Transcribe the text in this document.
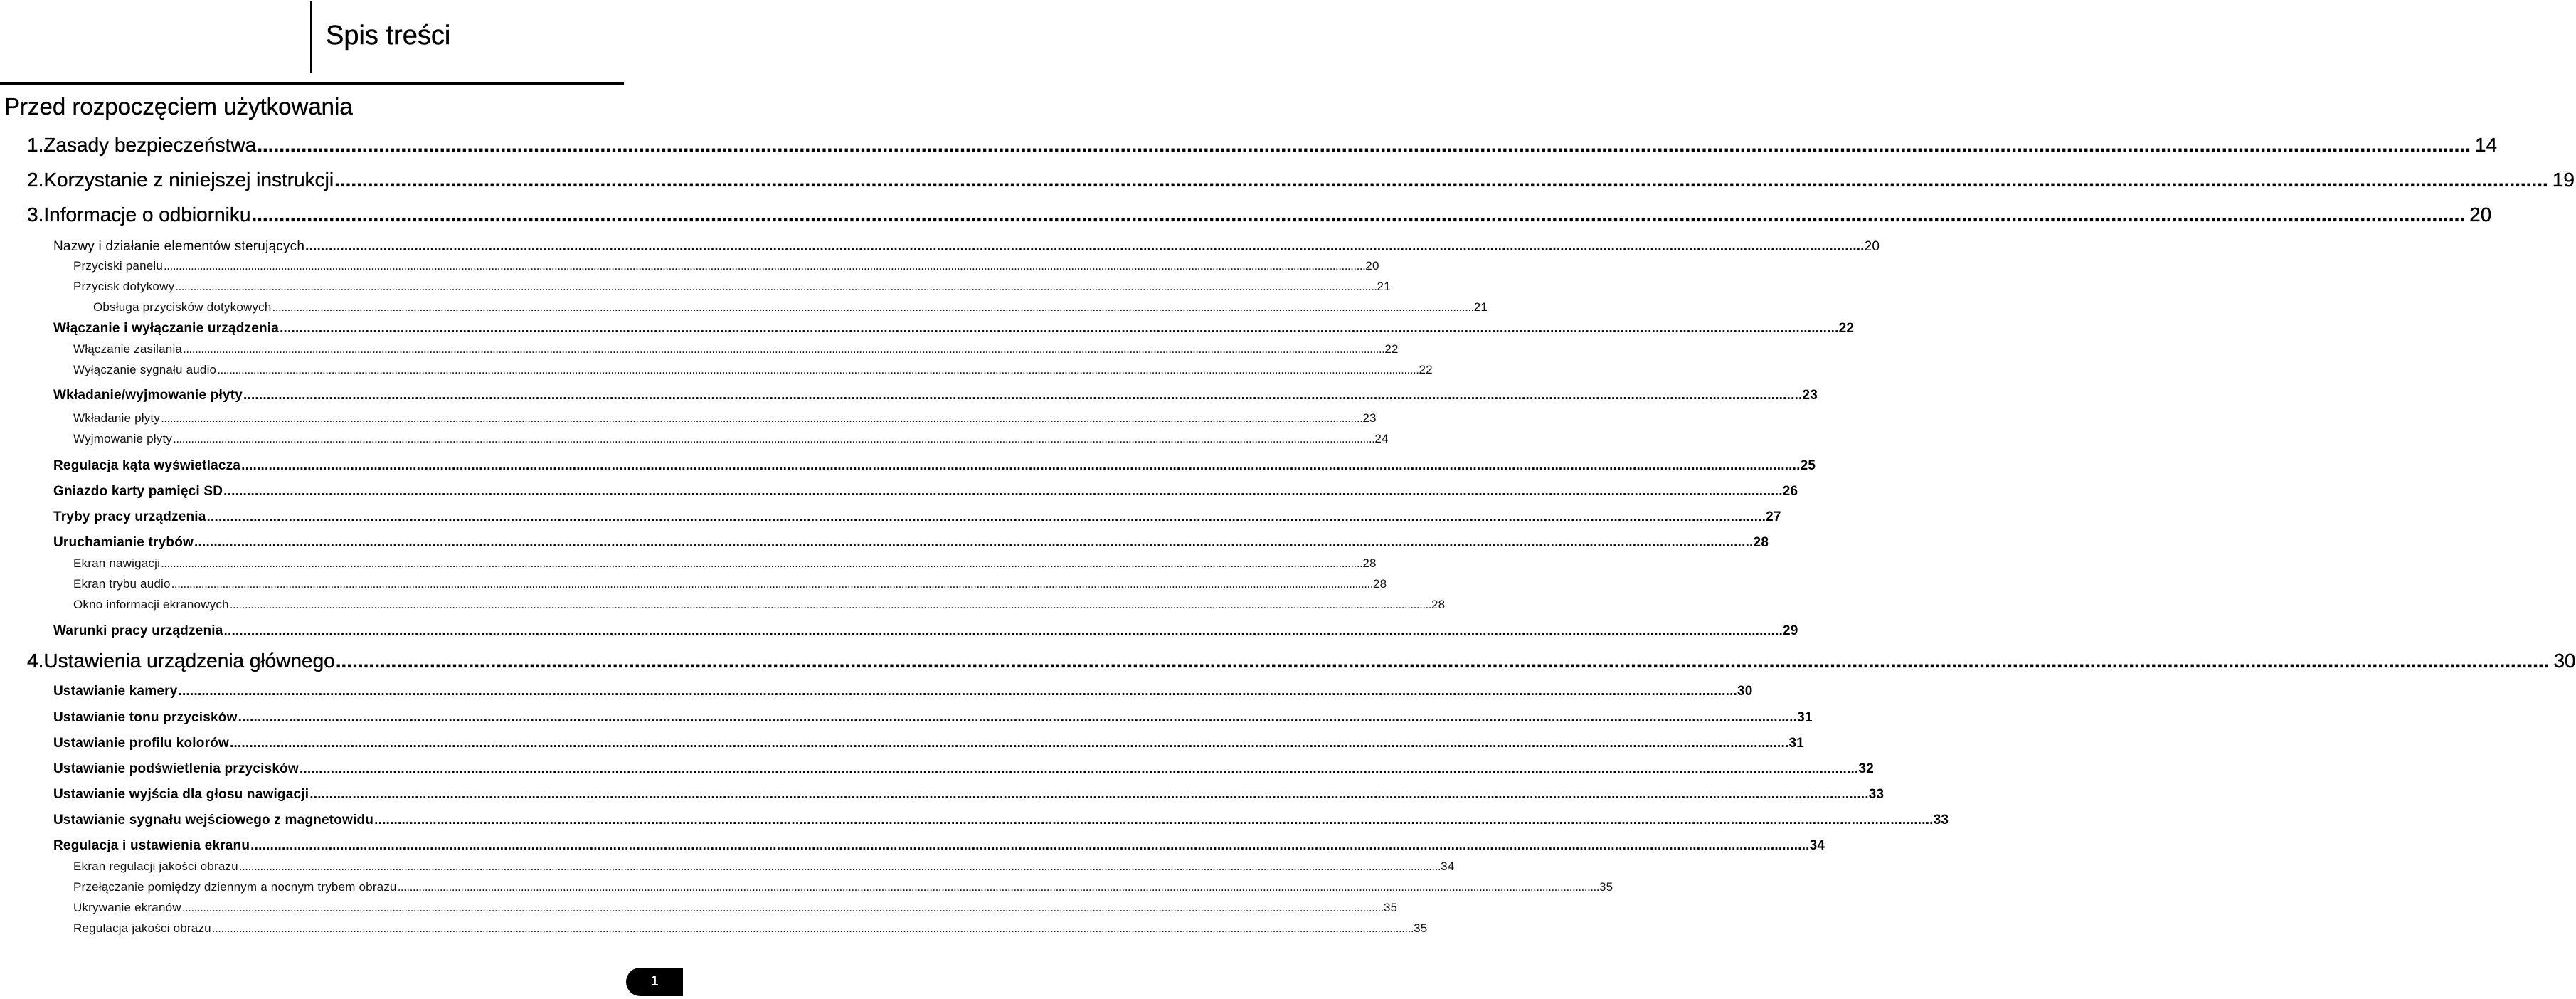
Spis treści
Przed rozpoczęciem użytkowania
1. Zasady bezpieczeństwa ................................................................................................................................................................................................................................................................................................................................................................................................................ 14
2. Korzystanie z niniejszej instrukcji ................................................................................................................................................................................................................................................................................................................................................................................................................ 19
3. Informacje o odbiorniku ................................................................................................................................................................................................................................................................................................................................................................................................................ 20
Nazwy i działanie elementów sterujących ................................................................................................................................................................................................................................................................................................................................................................................................................ 20
Przyciski panelu ................................................................................................................................................................................................................................................................................................................................................................................................................ 20
Przycisk dotykowy ................................................................................................................................................................................................................................................................................................................................................................................................................ 21
Obsługa przycisków dotykowych ................................................................................................................................................................................................................................................................................................................................................................................................................ 21
Włączanie i wyłączanie urządzenia ................................................................................................................................................................................................................................................................................................................................................................................................................ 22
Włączanie zasilania ................................................................................................................................................................................................................................................................................................................................................................................................................ 22
Wyłączanie sygnału audio ................................................................................................................................................................................................................................................................................................................................................................................................................ 22
Wkładanie/wyjmowanie płyty ................................................................................................................................................................................................................................................................................................................................................................................................................ 23
Wkładanie płyty ................................................................................................................................................................................................................................................................................................................................................................................................................ 23
Wyjmowanie płyty ................................................................................................................................................................................................................................................................................................................................................................................................................ 24
Regulacja kąta wyświetlacza ................................................................................................................................................................................................................................................................................................................................................................................................................ 25
Gniazdo karty pamięci SD ................................................................................................................................................................................................................................................................................................................................................................................................................ 26
Tryby pracy urządzenia ................................................................................................................................................................................................................................................................................................................................................................................................................ 27
Uruchamianie trybów ................................................................................................................................................................................................................................................................................................................................................................................................................ 28
Ekran nawigacji ................................................................................................................................................................................................................................................................................................................................................................................................................ 28
Ekran trybu audio ................................................................................................................................................................................................................................................................................................................................................................................................................ 28
Okno informacji ekranowych ................................................................................................................................................................................................................................................................................................................................................................................................................ 28
Warunki pracy urządzenia ................................................................................................................................................................................................................................................................................................................................................................................................................ 29
4. Ustawienia urządzenia głównego ................................................................................................................................................................................................................................................................................................................................................................................................................ 30
Ustawianie kamery ................................................................................................................................................................................................................................................................................................................................................................................................................ 30
Ustawianie tonu przycisków ................................................................................................................................................................................................................................................................................................................................................................................................................ 31
Ustawianie profilu kolorów ................................................................................................................................................................................................................................................................................................................................................................................................................ 31
Ustawianie podświetlenia przycisków ................................................................................................................................................................................................................................................................................................................................................................................................................ 32
Ustawianie wyjścia dla głosu nawigacji ................................................................................................................................................................................................................................................................................................................................................................................................................ 33
Ustawianie sygnału wejściowego z magnetowidu ................................................................................................................................................................................................................................................................................................................................................................................................................ 33
Regulacja i ustawienia ekranu ................................................................................................................................................................................................................................................................................................................................................................................................................ 34
Ekran regulacji jakości obrazu ................................................................................................................................................................................................................................................................................................................................................................................................................ 34
Przełączanie pomiędzy dziennym a nocnym trybem obrazu ................................................................................................................................................................................................................................................................................................................................................................................................................ 35
Ukrywanie ekranów ................................................................................................................................................................................................................................................................................................................................................................................................................ 35
Regulacja jakości obrazu ................................................................................................................................................................................................................................................................................................................................................................................................................ 35
1
